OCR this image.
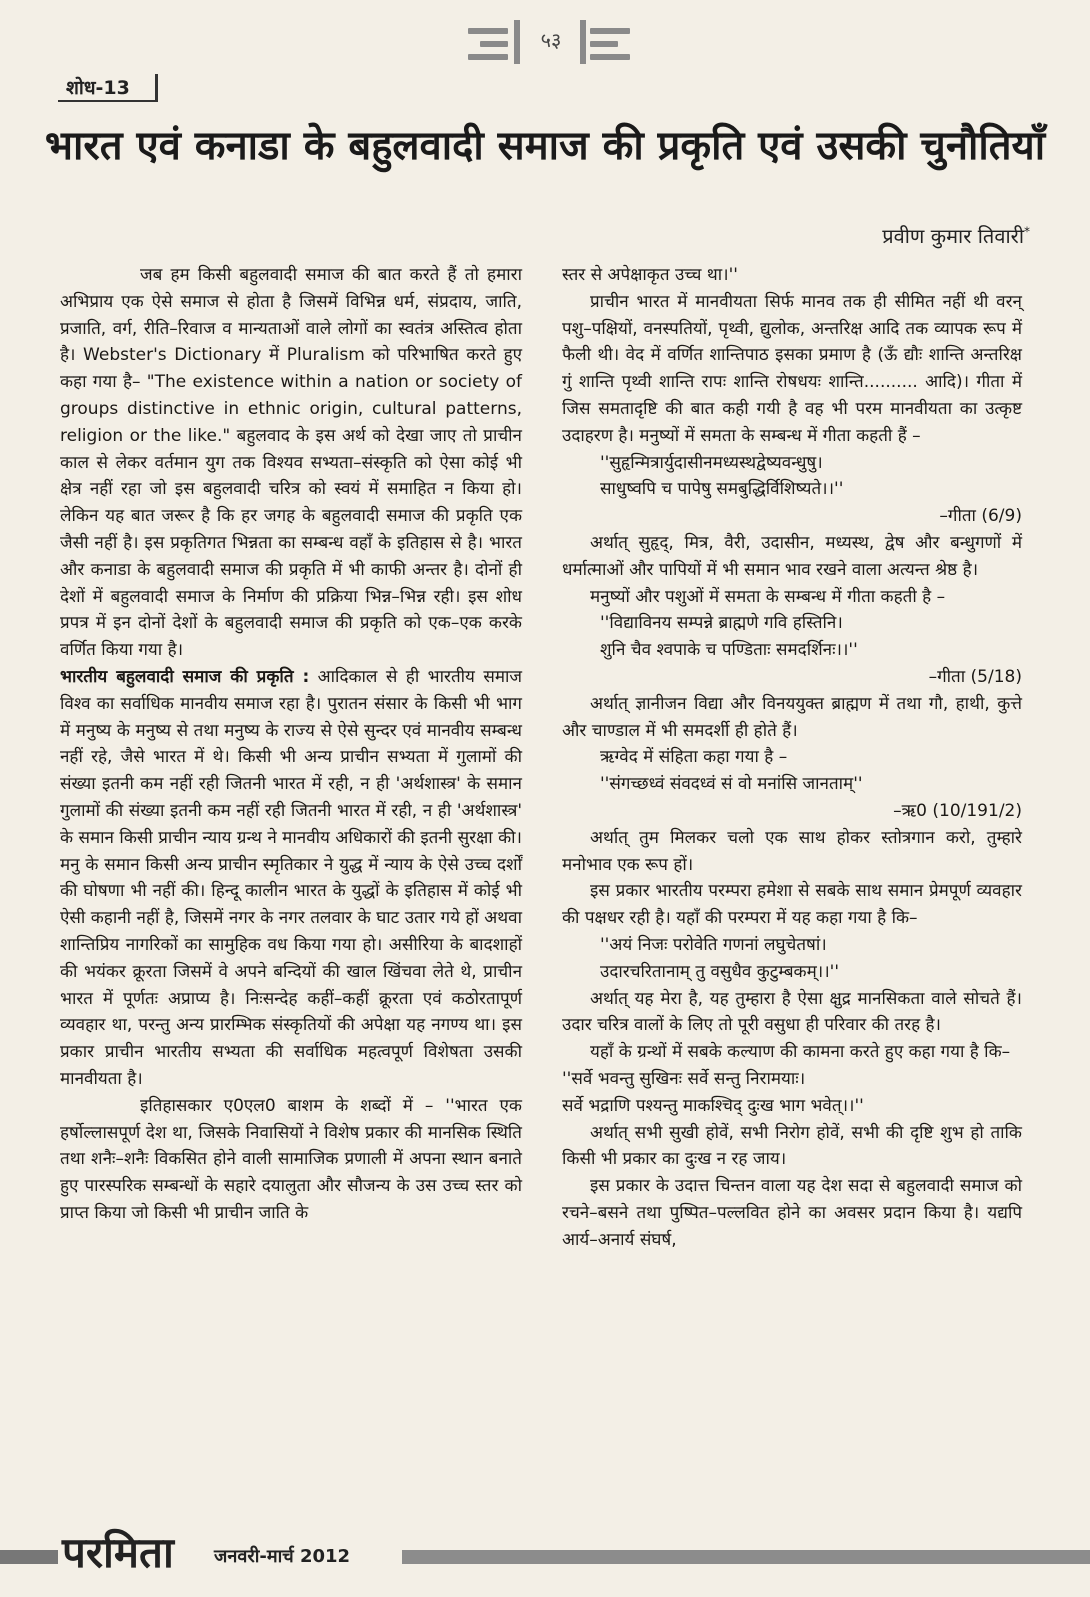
५३
शोध-13
भारत एवं कनाडा के बहुलवादी समाज की प्रकृति एवं उसकी चुनौतियाँ
प्रवीण कुमार तिवारी*

जब हम किसी बहुलवादी समाज की बात करते हैं तो हमारा अभिप्राय एक ऐसे समाज से होता है जिसमें विभिन्न धर्म, संप्रदाय, जाति, प्रजाति, वर्ग, रीति–रिवाज व मान्यताओं वाले लोगों का स्वतंत्र अस्तित्व होता है। Webster's Dictionary में Pluralism को परिभाषित करते हुए कहा गया है– "The existence within a nation or society of groups distinctive in ethnic origin, cultural patterns, religion or the like." बहुलवाद के इस अर्थ को देखा जाए तो प्राचीन काल से लेकर वर्तमान युग तक विश्यव सभ्यता–संस्कृति को ऐसा कोई भी क्षेत्र नहीं रहा जो इस बहुलवादी चरित्र को स्वयं में समाहित न किया हो। लेकिन यह बात जरूर है कि हर जगह के बहुलवादी समाज की प्रकृति एक जैसी नहीं है। इस प्रकृतिगत भिन्नता का सम्बन्ध वहाँ के इतिहास से है। भारत और कनाडा के बहुलवादी समाज की प्रकृति में भी काफी अन्तर है। दोनों ही देशों में बहुलवादी समाज के निर्माण की प्रक्रिया भिन्न–भिन्न रही। इस शोध प्रपत्र में इन दोनों देशों के बहुलवादी समाज की प्रकृति को एक–एक करके वर्णित किया गया है।

भारतीय बहुलवादी समाज की प्रकृति : आदिकाल से ही भारतीय समाज विश्व का सर्वाधिक मानवीय समाज रहा है। पुरातन संसार के किसी भी भाग में मनुष्य के मनुष्य से तथा मनुष्य के राज्य से ऐसे सुन्दर एवं मानवीय सम्बन्ध नहीं रहे, जैसे भारत में थे। किसी भी अन्य प्राचीन सभ्यता में गुलामों की संख्या इतनी कम नहीं रही जितनी भारत में रही, न ही 'अर्थशास्त्र' के समान गुलामों की संख्या इतनी कम नहीं रही जितनी भारत में रही, न ही 'अर्थशास्त्र' के समान किसी प्राचीन न्याय ग्रन्थ ने मानवीय अधिकारों की इतनी सुरक्षा की। मनु के समान किसी अन्य प्राचीन स्मृतिकार ने युद्ध में न्याय के ऐसे उच्च दर्शों की घोषणा भी नहीं की। हिन्दू कालीन भारत के युद्धों के इतिहास में कोई भी ऐसी कहानी नहीं है, जिसमें नगर के नगर तलवार के घाट उतार गये हों अथवा शान्तिप्रिय नागरिकों का सामुहिक वध किया गया हो। असीरिया के बादशाहों की भयंकर क्रूरता जिसमें वे अपने बन्दियों की खाल खिंचवा लेते थे, प्राचीन भारत में पूर्णतः अप्राप्य है। निःसन्देह कहीं–कहीं क्रूरता एवं कठोरतापूर्ण व्यवहार था, परन्तु अन्य प्रारम्भिक संस्कृतियों की अपेक्षा यह नगण्य था। इस प्रकार प्राचीन भारतीय सभ्यता की सर्वाधिक महत्वपूर्ण विशेषता उसकी मानवीयता है।

इतिहासकार ए0एल0 बाशम के शब्दों में – ''भारत एक हर्षोल्लासपूर्ण देश था, जिसके निवासियों ने विशेष प्रकार की मानसिक स्थिति तथा शनैः–शनैः विकसित होने वाली सामाजिक प्रणाली में अपना स्थान बनाते हुए पारस्परिक सम्बन्धों के सहारे दयालुता और सौजन्य के उस उच्च स्तर को प्राप्त किया जो किसी भी प्राचीन जाति के

स्तर से अपेक्षाकृत उच्च था।''

प्राचीन भारत में मानवीयता सिर्फ मानव तक ही सीमित नहीं थी वरन् पशु–पक्षियों, वनस्पतियों, पृथ्वी, द्युलोक, अन्तरिक्ष आदि तक व्यापक रूप में फैली थी। वेद में वर्णित शान्तिपाठ इसका प्रमाण है (ऊँ द्यौः शान्ति अन्तरिक्ष गुं शान्ति पृथ्वी शान्ति रापः शान्ति रोषधयः शान्ति.......... आदि)। गीता में जिस समतादृष्टि की बात कही गयी है वह भी परम मानवीयता का उत्कृष्ट उदाहरण है। मनुष्यों में समता के सम्बन्ध में गीता कहती हैं –

''सुहृन्मित्रार्युदासीनमध्यस्थद्वेष्यवन्धुषु।

साधुष्वपि च पापेषु समबुद्धिर्विशिष्यते।।''

–गीता (6/9)

अर्थात् सुहृद्, मित्र, वैरी, उदासीन, मध्यस्थ, द्वेष और बन्धुगणों में धर्मात्माओं और पापियों में भी समान भाव रखने वाला अत्यन्त श्रेष्ठ है।

मनुष्यों और पशुओं में समता के सम्बन्ध में गीता कहती है –

''विद्याविनय सम्पन्ने ब्राह्मणे गवि हस्तिनि।

शुनि चैव श्वपाके च पण्डिताः समदर्शिनः।।''

–गीता (5/18)

अर्थात् ज्ञानीजन विद्या और विनययुक्त ब्राह्मण में तथा गौ, हाथी, कुत्ते और चाण्डाल में भी समदर्शी ही होते हैं।

ऋग्वेद में संहिता कहा गया है –

''संगच्छध्वं संवदध्वं सं वो मनांसि जानताम्''

–ऋ0 (10/191/2)

अर्थात् तुम मिलकर चलो एक साथ होकर स्तोत्रगान करो, तुम्हारे मनोभाव एक रूप हों।

इस प्रकार भारतीय परम्परा हमेशा से सबके साथ समान प्रेमपूर्ण व्यवहार की पक्षधर रही है। यहाँ की परम्परा में यह कहा गया है कि–

''अयं निजः परोवेति गणनां लघुचेतषां।

उदारचरितानाम् तु वसुधैव कुटुम्बकम्।।''

अर्थात् यह मेरा है, यह तुम्हारा है ऐसा क्षुद्र मानसिकता वाले सोचते हैं। उदार चरित्र वालों के लिए तो पूरी वसुधा ही परिवार की तरह है।

यहाँ के ग्रन्थों में सबके कल्याण की कामना करते हुए कहा गया है कि–

''सर्वे भवन्तु सुखिनः सर्वे सन्तु निरामयाः।

सर्वे भद्राणि पश्यन्तु माकश्चिद् दुःख भाग भवेत्।।''

अर्थात् सभी सुखी होवें, सभी निरोग होवें, सभी की दृष्टि शुभ हो ताकि किसी भी प्रकार का दुःख न रह जाय।

इस प्रकार के उदात्त चिन्तन वाला यह देश सदा से बहुलवादी समाज को रचने–बसने तथा पुष्पित–पल्लवित होने का अवसर प्रदान किया है। यद्यपि आर्य–अनार्य संघर्ष,

परमिता जनवरी-मार्च 2012
